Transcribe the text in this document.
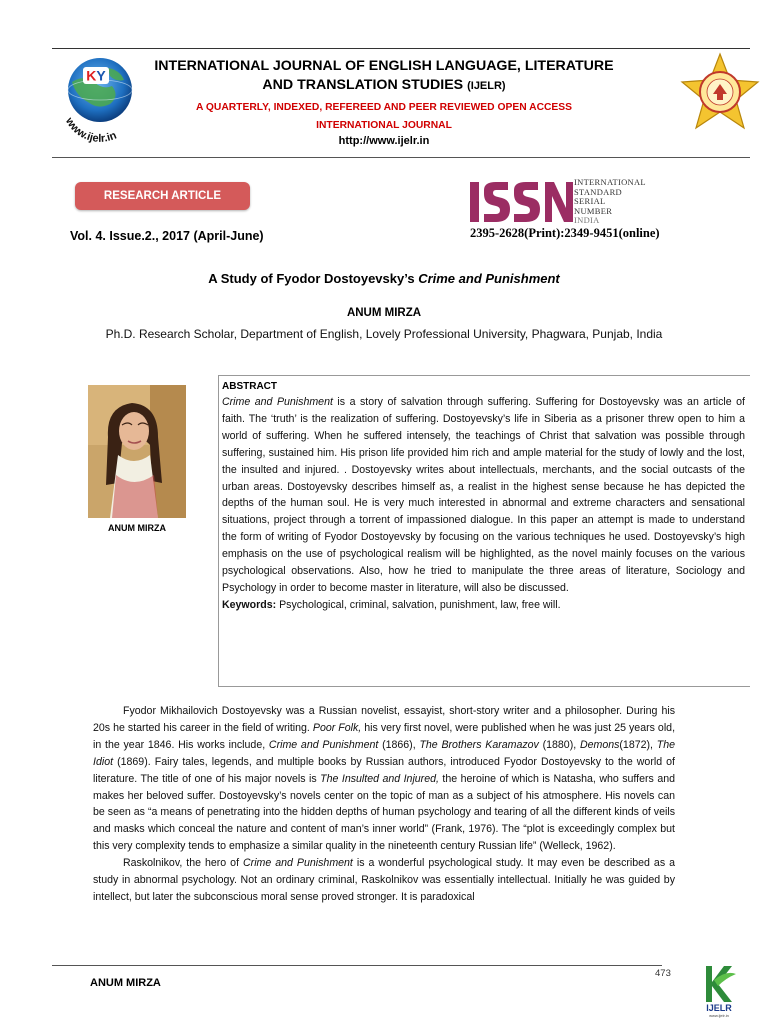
KY
www.ijelr.in
INTERNATIONAL JOURNAL OF ENGLISH LANGUAGE, LITERATURE
AND TRANSLATION STUDIES (IJELR)
A QUARTERLY, INDEXED, REFEREED AND PEER REVIEWED OPEN ACCESS
INTERNATIONAL JOURNAL
http://www.ijelr.in
RESEARCH ARTICLE
Vol. 4. Issue.2., 2017 (April-June)
INTERNATIONAL
STANDARD
SERIAL
NUMBER
INDIA
2395-2628(Print):2349-9451(online)
A Study of Fyodor Dostoyevsky’s Crime and Punishment
ANUM MIRZA
Ph.D. Research Scholar, Department of English, Lovely Professional University, Phagwara, Punjab, India
ANUM MIRZA
ABSTRACT

Crime and Punishment is a story of salvation through suffering. Suffering for Dostoyevsky was an article of faith. The ‘truth’ is the realization of suffering. Dostoyevsky’s life in Siberia as a prisoner threw open to him a world of suffering. When he suffered intensely, the teachings of Christ that salvation was possible through suffering, sustained him. His prison life provided him rich and ample material for the study of lowly and the lost, the insulted and injured. . Dostoyevsky writes about intellectuals, merchants, and the social outcasts of the urban areas. Dostoyevsky describes himself as, a realist in the highest sense because he has depicted the depths of the human soul. He is very much interested in abnormal and extreme characters and sensational situations, project through a torrent of impassioned dialogue. In this paper an attempt is made to understand the form of writing of Fyodor Dostoyevsky by focusing on the various techniques he used. Dostoyevsky’s high emphasis on the use of psychological realism will be highlighted, as the novel mainly focuses on the various psychological observations. Also, how he tried to manipulate the three areas of literature, Sociology and Psychology in order to become master in literature, will also be discussed.

Keywords: Psychological, criminal, salvation, punishment, law, free will.

Fyodor Mikhailovich Dostoyevsky was a Russian novelist, essayist, short-story writer and a philosopher. During his 20s he started his career in the field of writing. Poor Folk, his very first novel, were published when he was just 25 years old, in the year 1846. His works include, Crime and Punishment (1866), The Brothers Karamazov (1880), Demons(1872), The Idiot (1869). Fairy tales, legends, and multiple books by Russian authors, introduced Fyodor Dostoyevsky to the world of literature. The title of one of his major novels is The Insulted and Injured, the heroine of which is Natasha, who suffers and makes her beloved suffer. Dostoyevsky’s novels center on the topic of man as a subject of his atmosphere. His novels can be seen as “a means of penetrating into the hidden depths of human psychology and tearing of all the different kinds of veils and masks which conceal the nature and content of man’s inner world” (Frank, 1976). The “plot is exceedingly complex but this very complexity tends to emphasize a similar quality in the nineteenth century Russian life” (Welleck, 1962).

Raskolnikov, the hero of Crime and Punishment is a wonderful psychological study. It may even be described as a study in abnormal psychology. Not an ordinary criminal, Raskolnikov was essentially intellectual. Initially he was guided by intellect, but later the subconscious moral sense proved stronger. It is paradoxical

473
ANUM MIRZA
IJELR
www.ijelr.in
